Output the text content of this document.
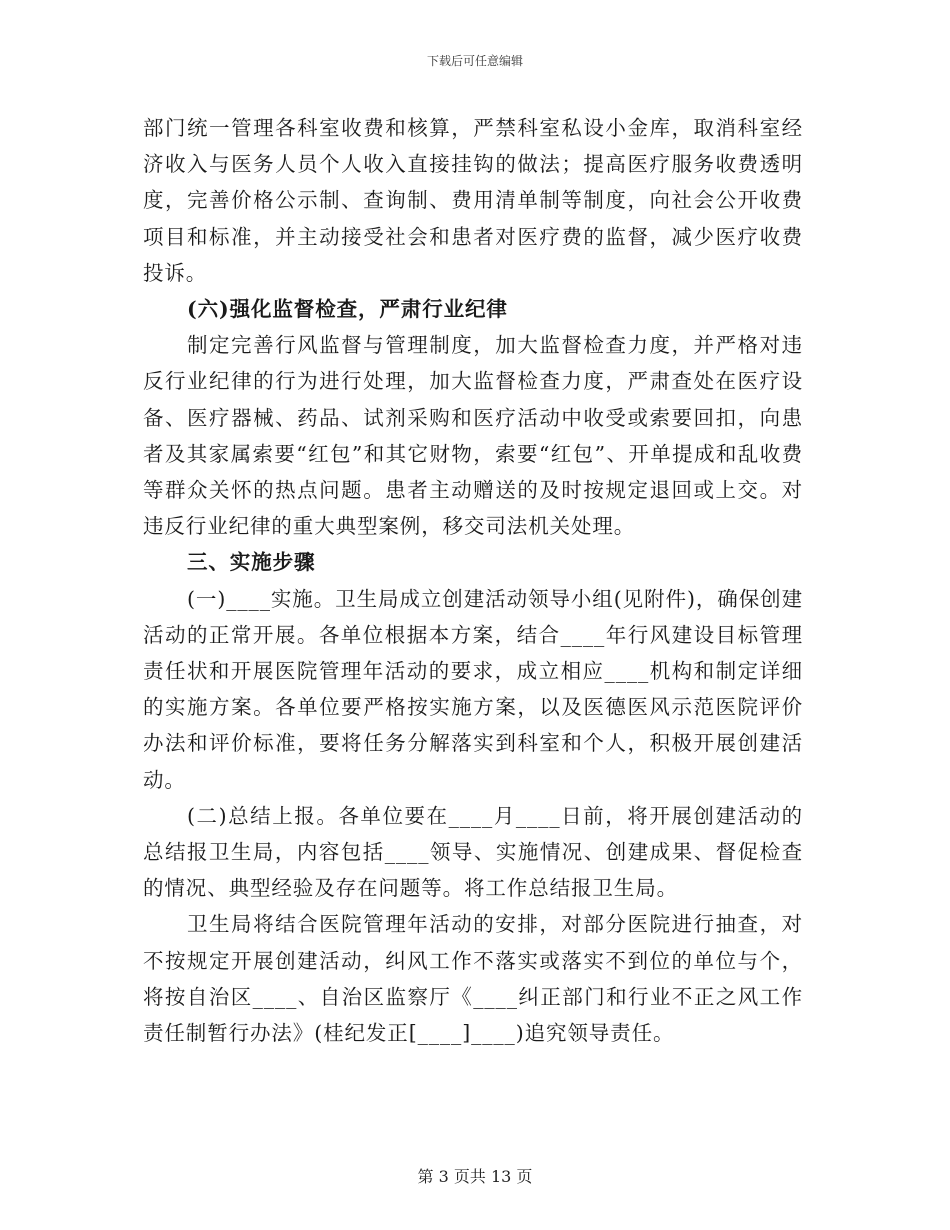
下载后可任意编辑

部门统一管理各科室收费和核算，严禁科室私设小金库，取消科室经济收入与医务人员个人收入直接挂钩的做法；提高医疗服务收费透明度，完善价格公示制、查询制、费用清单制等制度，向社会公开收费项目和标准，并主动接受社会和患者对医疗费的监督，减少医疗收费投诉。

(六)强化监督检查，严肃行业纪律

制定完善行风监督与管理制度，加大监督检查力度，并严格对违反行业纪律的行为进行处理，加大监督检查力度，严肃查处在医疗设备、医疗器械、药品、试剂采购和医疗活动中收受或索要回扣，向患者及其家属索要“红包”和其它财物，索要“红包”、开单提成和乱收费等群众关怀的热点问题。患者主动赠送的及时按规定退回或上交。对违反行业纪律的重大典型案例，移交司法机关处理。

三、实施步骤

(一)____实施。卫生局成立创建活动领导小组(见附件)，确保创建活动的正常开展。各单位根据本方案，结合____年行风建设目标管理责任状和开展医院管理年活动的要求，成立相应____机构和制定详细的实施方案。各单位要严格按实施方案，以及医德医风示范医院评价办法和评价标准，要将任务分解落实到科室和个人，积极开展创建活动。

(二)总结上报。各单位要在____月____日前，将开展创建活动的总结报卫生局，内容包括____领导、实施情况、创建成果、督促检查的情况、典型经验及存在问题等。将工作总结报卫生局。

卫生局将结合医院管理年活动的安排，对部分医院进行抽查，对不按规定开展创建活动，纠风工作不落实或落实不到位的单位与个，将按自治区____、自治区监察厅《____纠正部门和行业不正之风工作责任制暂行办法》(桂纪发正[____]____)追究领导责任。

第 3 页共 13 页
